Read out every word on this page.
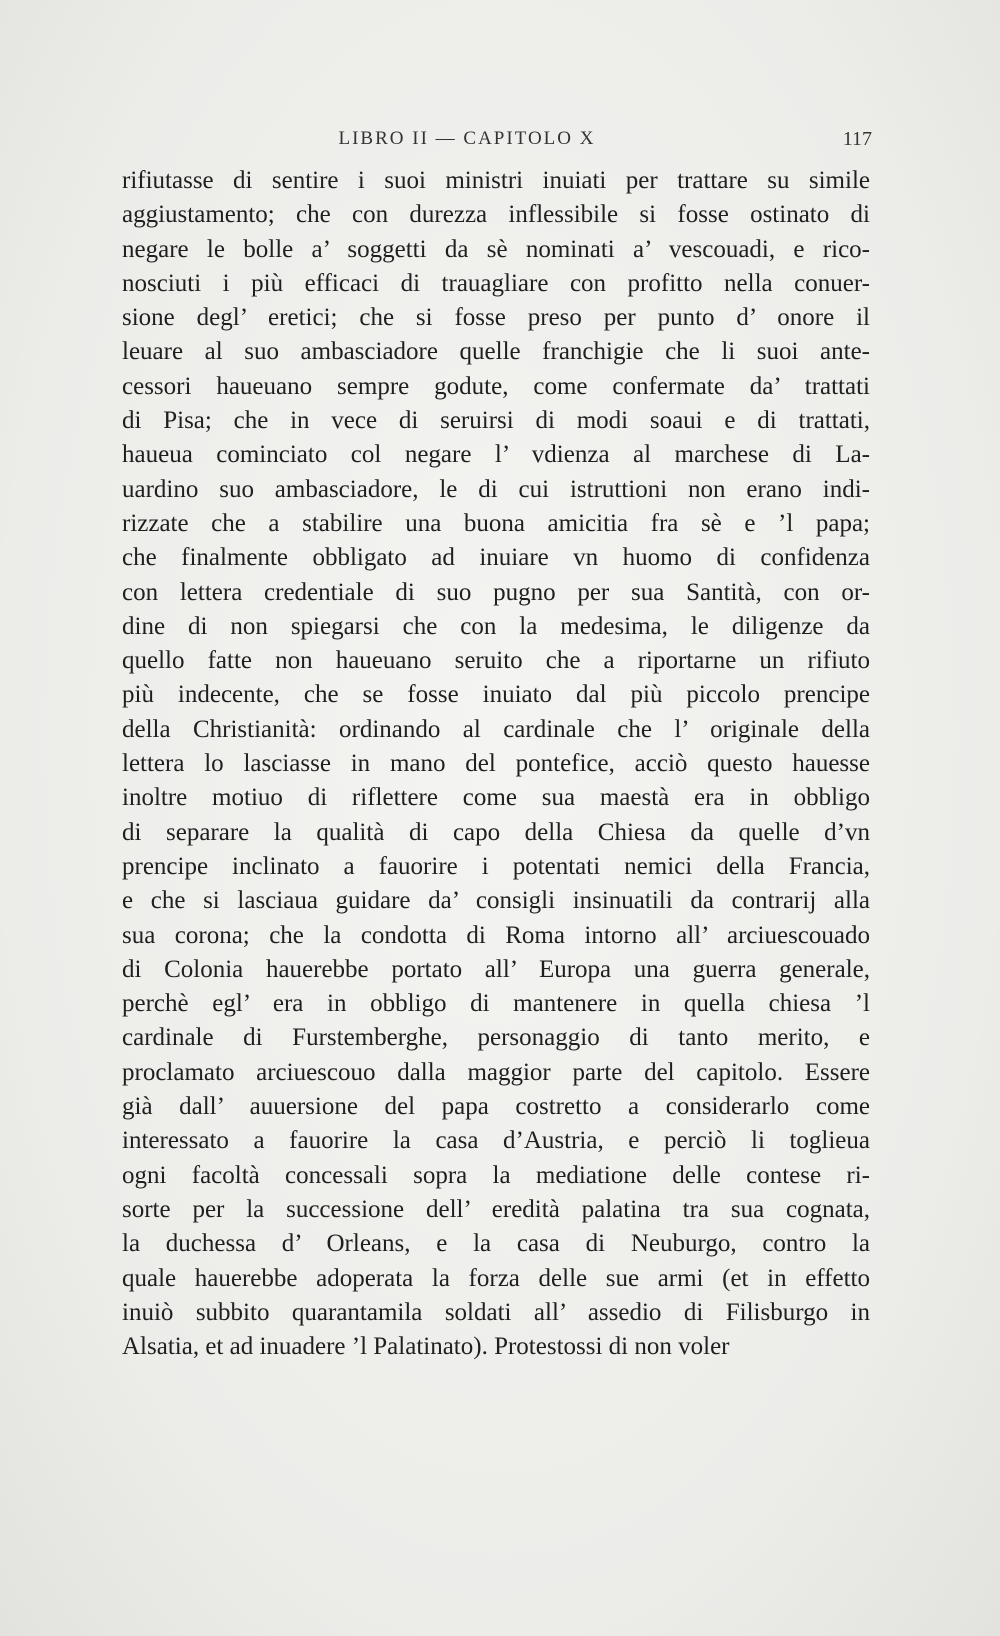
LIBRO II — CAPITOLO X	117
rifiutasse di sentire i suoi ministri inuiati per trattare su simile
aggiustamento; che con durezza inflessibile si fosse ostinato di
negare le bolle a’ soggetti da sè nominati a’ vescouadi, e rico-
nosciuti i più efficaci di trauagliare con profitto nella conuer-
sione degl’ eretici; che si fosse preso per punto d’ onore il
leuare al suo ambasciadore quelle franchigie che li suoi ante-
cessori haueuano sempre godute, come confermate da’ trattati
di Pisa; che in vece di seruirsi di modi soaui e di trattati,
haueua cominciato col negare l’ vdienza al marchese di La-
uardino suo ambasciadore, le di cui istruttioni non erano indi-
rizzate che a stabilire una buona amicitia fra sè e ’l papa;
che finalmente obbligato ad inuiare vn huomo di confidenza
con lettera credentiale di suo pugno per sua Santità, con or-
dine di non spiegarsi che con la medesima, le diligenze da
quello fatte non haueuano seruito che a riportarne un rifiuto
più indecente, che se fosse inuiato dal più piccolo prencipe
della Christianità: ordinando al cardinale che l’ originale della
lettera lo lasciasse in mano del pontefice, acciò questo hauesse
inoltre motiuo di riflettere come sua maestà era in obbligo
di separare la qualità di capo della Chiesa da quelle d’vn
prencipe inclinato a fauorire i potentati nemici della Francia,
e che si lasciaua guidare da’ consigli insinuatili da contrarij alla
sua corona; che la condotta di Roma intorno all’ arciuescouado
di Colonia hauerebbe portato all’ Europa una guerra generale,
perchè egl’ era in obbligo di mantenere in quella chiesa ’l
cardinale di Furstemberghe, personaggio di tanto merito, e
proclamato arciuescouo dalla maggior parte del capitolo. Essere
già dall’ auuersione del papa costretto a considerarlo come
interessato a fauorire la casa d’Austria, e perciò li toglieua
ogni facoltà concessali sopra la mediatione delle contese ri-
sorte per la successione dell’ eredità palatina tra sua cognata,
la duchessa d’ Orleans, e la casa di Neuburgo, contro la
quale hauerebbe adoperata la forza delle sue armi (et in effetto
inuiò subbito quarantamila soldati all’ assedio di Filisburgo in
Alsatia, et ad inuadere ’l Palatinato). Protestossi di non voler
